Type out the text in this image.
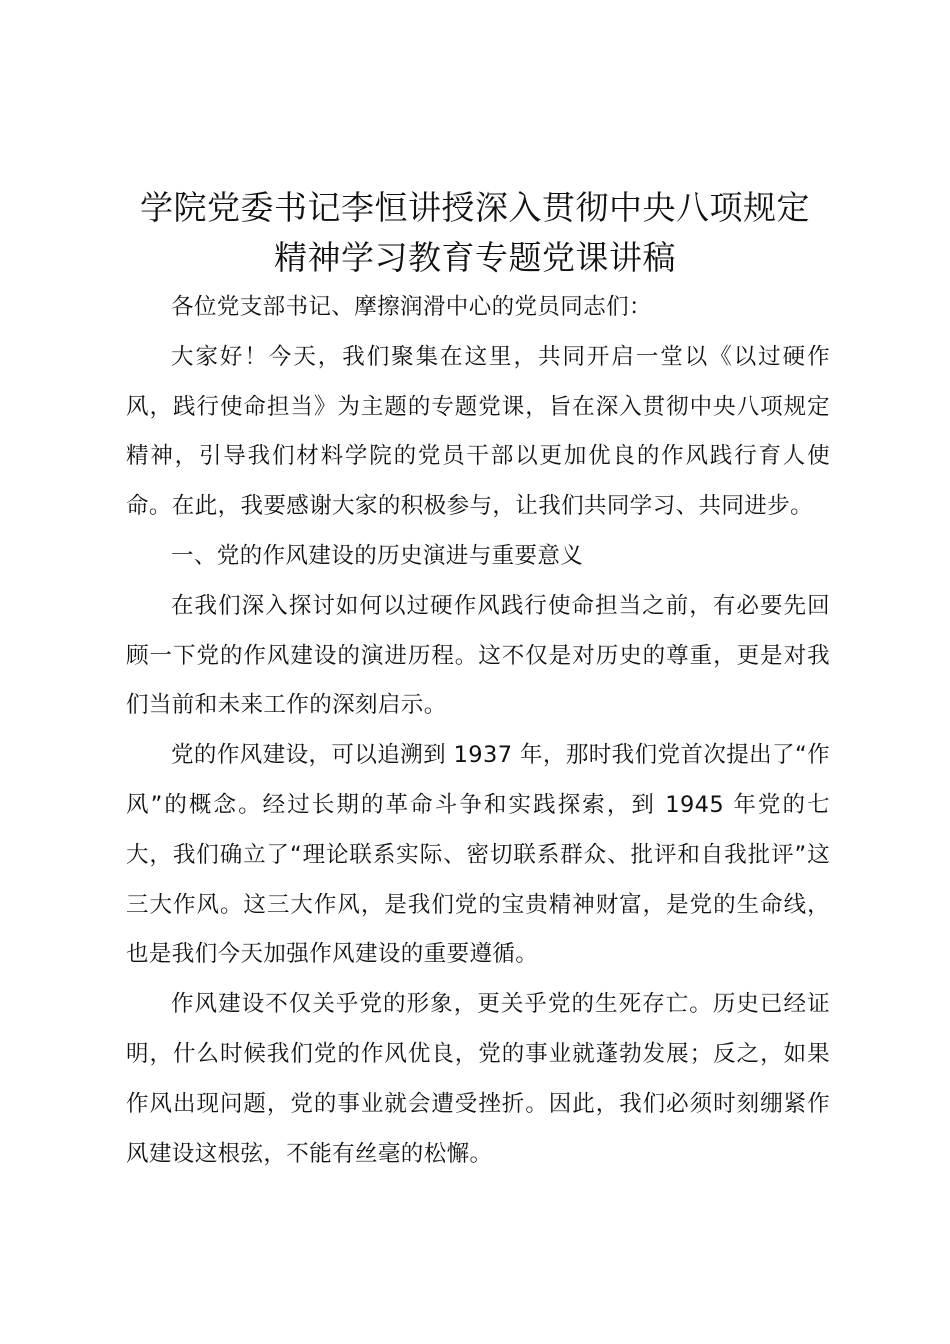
学院党委书记李恒讲授深入贯彻中央八项规定
精神学习教育专题党课讲稿

各位党支部书记、摩擦润滑中心的党员同志们：

大家好！今天，我们聚集在这里，共同开启一堂以《以过硬作风，践行使命担当》为主题的专题党课，旨在深入贯彻中央八项规定精神，引导我们材料学院的党员干部以更加优良的作风践行育人使命。在此，我要感谢大家的积极参与，让我们共同学习、共同进步。

一、党的作风建设的历史演进与重要意义

在我们深入探讨如何以过硬作风践行使命担当之前，有必要先回顾一下党的作风建设的演进历程。这不仅是对历史的尊重，更是对我们当前和未来工作的深刻启示。

党的作风建设，可以追溯到 1937 年，那时我们党首次提出了“作风”的概念。经过长期的革命斗争和实践探索，到 1945 年党的七大，我们确立了“理论联系实际、密切联系群众、批评和自我批评”这三大作风。这三大作风，是我们党的宝贵精神财富，是党的生命线，也是我们今天加强作风建设的重要遵循。

作风建设不仅关乎党的形象，更关乎党的生死存亡。历史已经证明，什么时候我们党的作风优良，党的事业就蓬勃发展；反之，如果作风出现问题，党的事业就会遭受挫折。因此，我们必须时刻绷紧作风建设这根弦，不能有丝毫的松懈。
